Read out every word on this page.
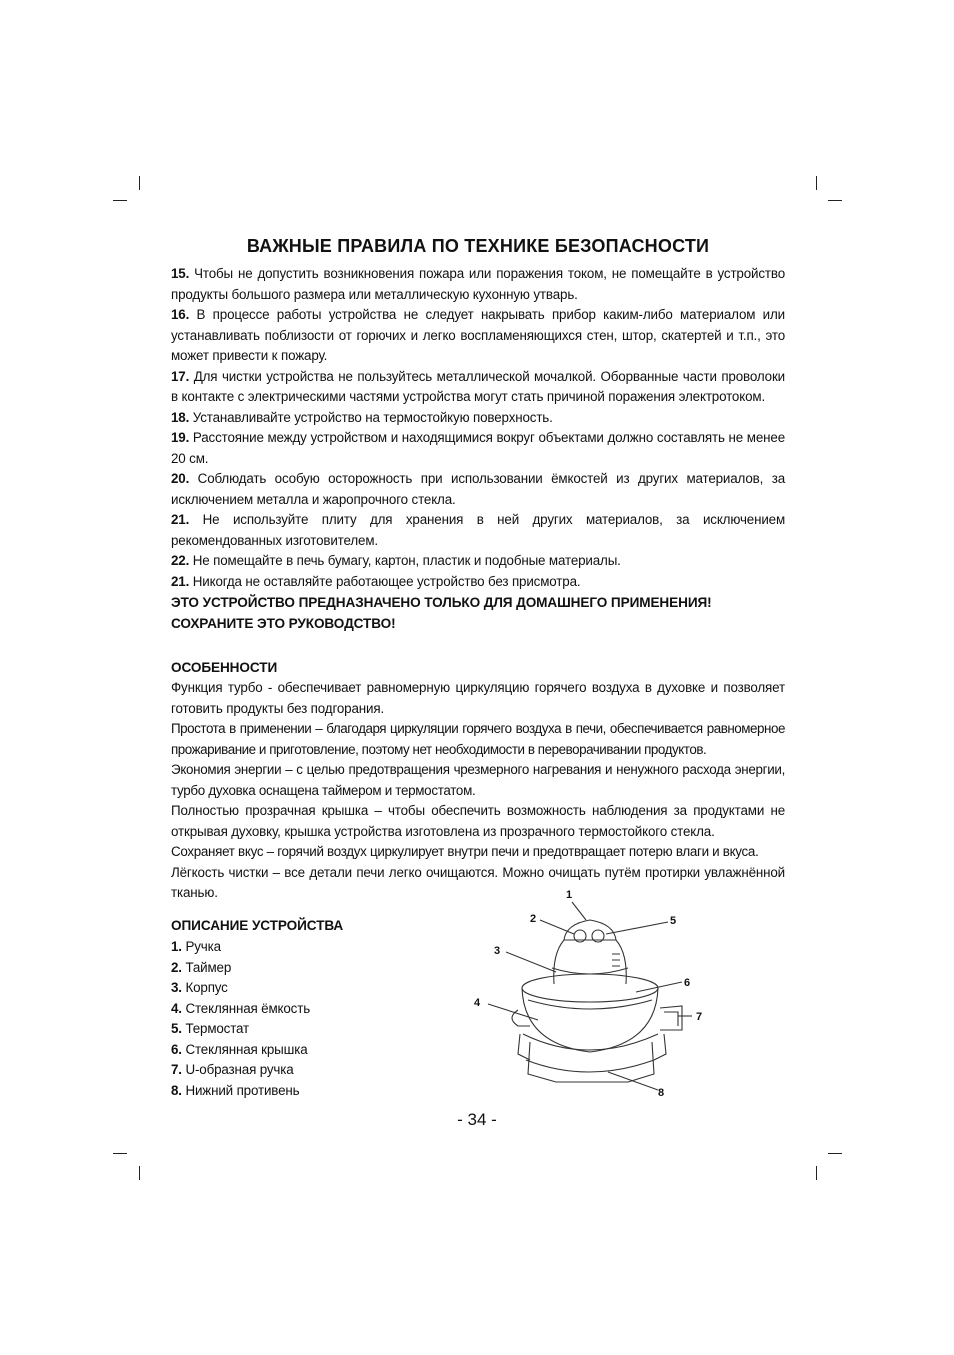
ВАЖНЫЕ ПРАВИЛА ПО ТЕХНИКЕ БЕЗОПАСНОСТИ

15. Чтобы не допустить возникновения пожара или поражения током, не помещайте в устройство продукты большого размера или металлическую кухонную утварь.

16. В процессе работы устройства не следует накрывать прибор каким-либо материалом или устанавливать поблизости от горючих и легко воспламеняющихся стен, штор, скатертей и т.п., это может привести к пожару.

17. Для чистки устройства не пользуйтесь металлической мочалкой. Оборванные части проволоки в контакте с электрическими частями устройства могут стать причиной поражения электротоком.

18. Устанавливайте устройство на термостойкую поверхность.

19. Расстояние между устройством и находящимися вокруг объектами должно составлять не менее 20 см.

20. Соблюдать особую осторожность при использовании ёмкостей из других материалов, за исключением металла и жаропрочного стекла.

21. Не используйте плиту для хранения в ней других материалов, за исключением рекомендованных изготовителем.

22. Не помещайте в печь бумагу, картон, пластик и подобные материалы.

21. Никогда не оставляйте работающее устройство без присмотра.

ЭТО УСТРОЙСТВО ПРЕДНАЗНАЧЕНО ТОЛЬКО ДЛЯ ДОМАШНЕГО ПРИМЕНЕНИЯ! СОХРАНИТЕ ЭТО РУКОВОДСТВО!

ОСОБЕННОСТИ

Функция турбо - обеспечивает равномерную циркуляцию горячего воздуха в духовке и позволяет готовить продукты без подгорания.

Простота в применении – благодаря циркуляции горячего воздуха в печи, обеспечивается равномерное прожаривание и приготовление, поэтому нет необходимости в переворачивании продуктов.

Экономия энергии – с целью предотвращения чрезмерного нагревания и ненужного расхода энергии, турбо духовка оснащена таймером и термостатом.

Полностью прозрачная крышка – чтобы обеспечить возможность наблюдения за продуктами не открывая духовку, крышка устройства изготовлена из прозрачного термостойкого стекла.

Сохраняет вкус – горячий воздух циркулирует внутри печи и предотвращает потерю влаги и вкуса.

Лёгкость чистки – все детали печи легко очищаются. Можно очищать путём протирки увлажнённой тканью.

ОПИСАНИЕ УСТРОЙСТВА
1. Ручка
2. Таймер
3. Корпус
4. Стеклянная ёмкость
5. Термостат
6. Стеклянная крышка
7. U-образная ручка
8. Нижний противень
1
2
3
4
5
6
7
8
- 34 -
